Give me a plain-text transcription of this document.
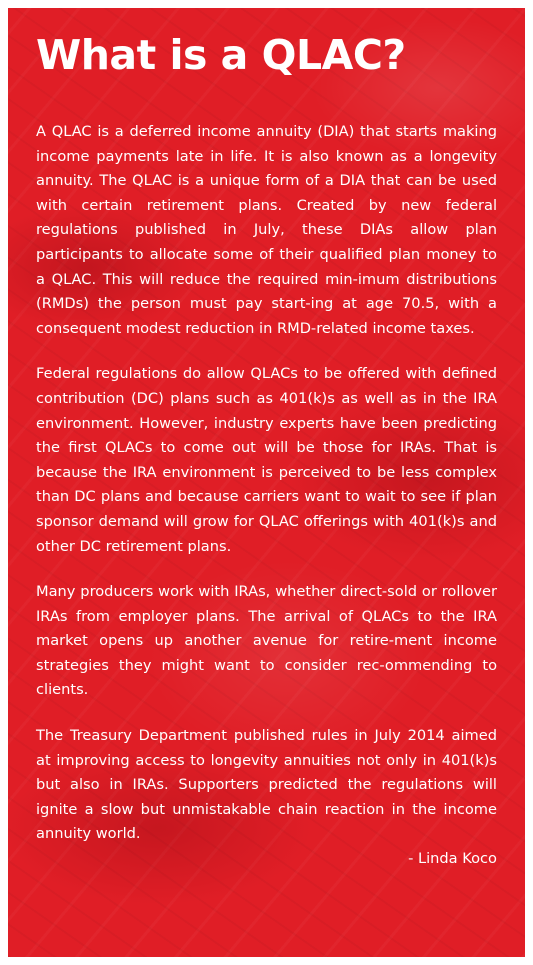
What is a QLAC?

A QLAC is a deferred income annuity (DIA) that starts making income payments late in life. It is also known as a longevity annuity. The QLAC is a unique form of a DIA that can be used with certain retirement plans. Created by new federal regulations published in July, these DIAs allow plan participants to allocate some of their qualified plan money to a QLAC. This will reduce the required min-imum distributions (RMDs) the person must pay start-ing at age 70.5, with a consequent modest reduction in RMD-related income taxes.

Federal regulations do allow QLACs to be offered with defined contribution (DC) plans such as 401(k)s as well as in the IRA environment. However, industry experts have been predicting the first QLACs to come out will be those for IRAs. That is because the IRA environment is perceived to be less complex than DC plans and because carriers want to wait to see if plan sponsor demand will grow for QLAC offerings with 401(k)s and other DC retirement plans.

Many producers work with IRAs, whether direct-sold or rollover IRAs from employer plans. The arrival of QLACs to the IRA market opens up another avenue for retire-ment income strategies they might want to consider rec-ommending to clients.

The Treasury Department published rules in July 2014 aimed at improving access to longevity annuities not only in 401(k)s but also in IRAs. Supporters predicted the regulations will ignite a slow but unmistakable chain reaction in the income annuity world.

- Linda Koco
